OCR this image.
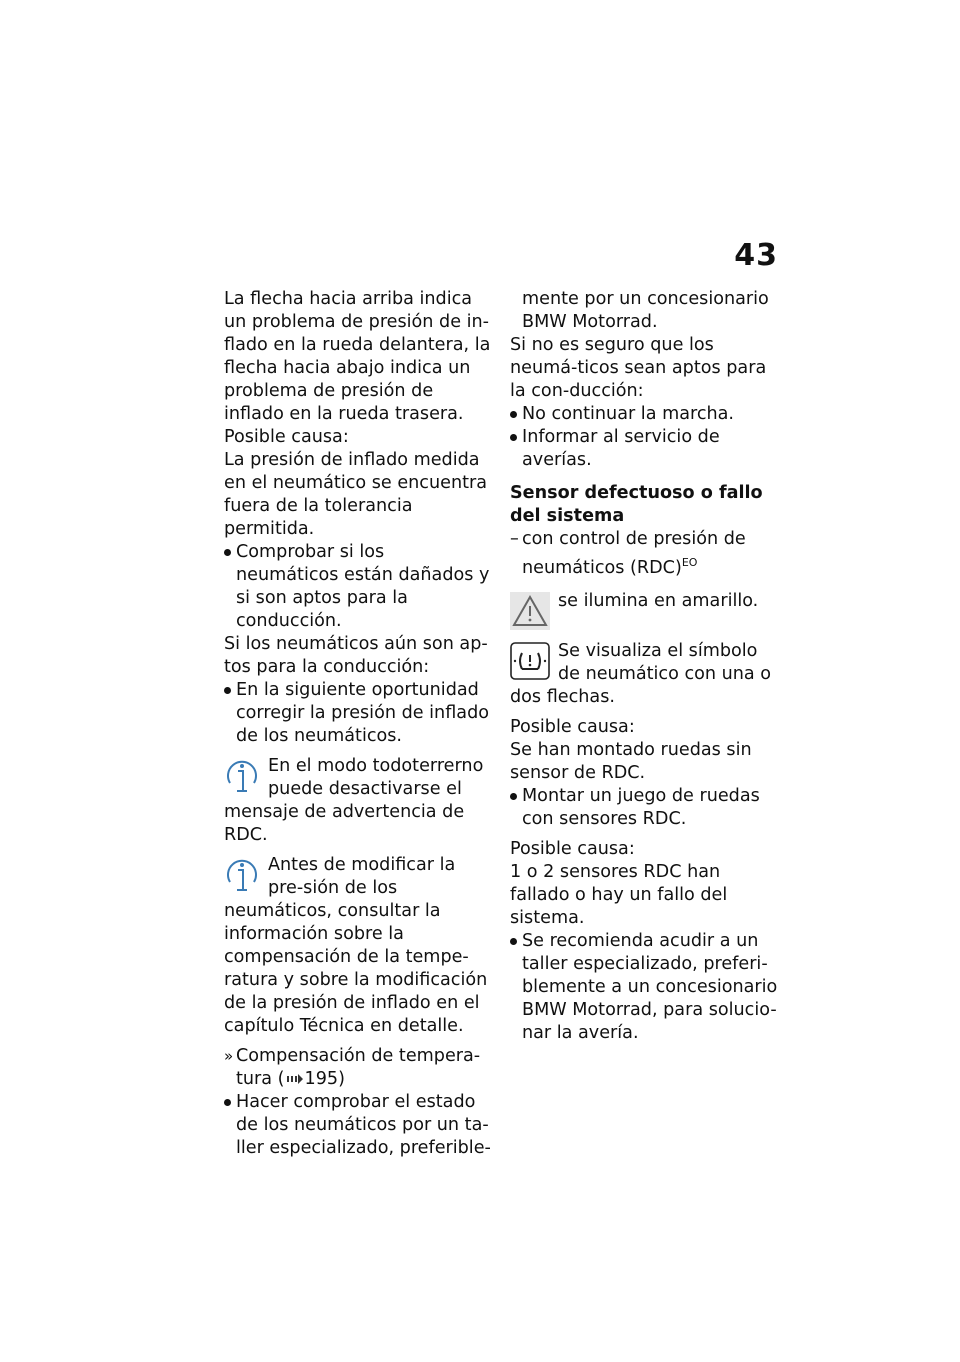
43

La flecha hacia arriba indica un problema de presión de in-flado en la rueda delantera, la flecha hacia abajo indica un problema de presión de inflado en la rueda trasera.

Posible causa:

La presión de inflado medida en el neumático se encuentra fuera de la tolerancia permitida.

Comprobar si los neumáticos están dañados y si son aptos para la conducción.

Si los neumáticos aún son ap-tos para la conducción:

En la siguiente oportunidad corregir la presión de inflado de los neumáticos.
En el modo todoterrerno puede desactivarse el mensaje de advertencia de RDC.
Antes de modificar la pre-sión de los neumáticos, consultar la información sobre la compensación de la tempe-ratura y sobre la modificación de la presión de inflado en el capítulo Técnica en detalle.
» Compensación de tempera-tura ( 195)
Hacer comprobar el estado de los neumáticos por un ta-ller especializado, preferible-

mente por un concesionario BMW Motorrad.

Si no es seguro que los neumá-ticos sean aptos para la con-ducción:

No continuar la marcha.
Informar al servicio de averías.

Sensor defectuoso o fallo del sistema

– con control de presión de neumáticos (RDC)$^{EO}$
se ilumina en amarillo.
Se visualiza el símbolo de neumático con una o dos flechas.

Posible causa:

Se han montado ruedas sin sensor de RDC.

Montar un juego de ruedas con sensores RDC.

Posible causa:

1 o 2 sensores RDC han fallado o hay un fallo del sistema.

Se recomienda acudir a un taller especializado, preferi-blemente a un concesionario BMW Motorrad, para solucio-nar la avería.
